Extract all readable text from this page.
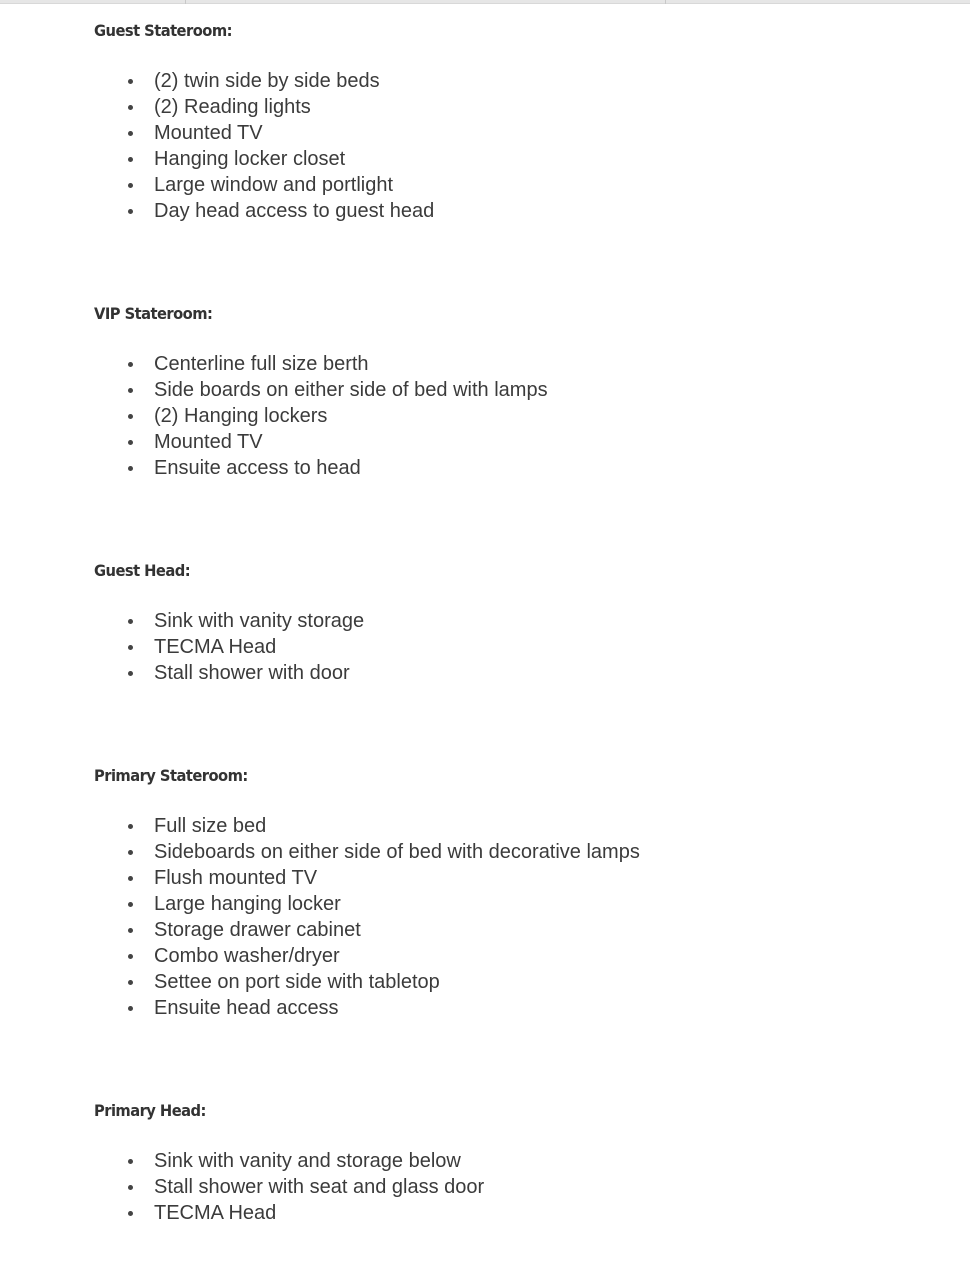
Guest Stateroom:
(2) twin side by side beds
(2) Reading lights
Mounted TV
Hanging locker closet
Large window and portlight
Day head access to guest head
VIP Stateroom:
Centerline full size berth
Side boards on either side of bed with lamps
(2) Hanging lockers
Mounted TV
Ensuite access to head
Guest Head:
Sink with vanity storage
TECMA Head
Stall shower with door
Primary Stateroom:
Full size bed
Sideboards on either side of bed with decorative lamps
Flush mounted TV
Large hanging locker
Storage drawer cabinet
Combo washer/dryer
Settee on port side with tabletop
Ensuite head access
Primary Head:
Sink with vanity and storage below
Stall shower with seat and glass door
TECMA Head
